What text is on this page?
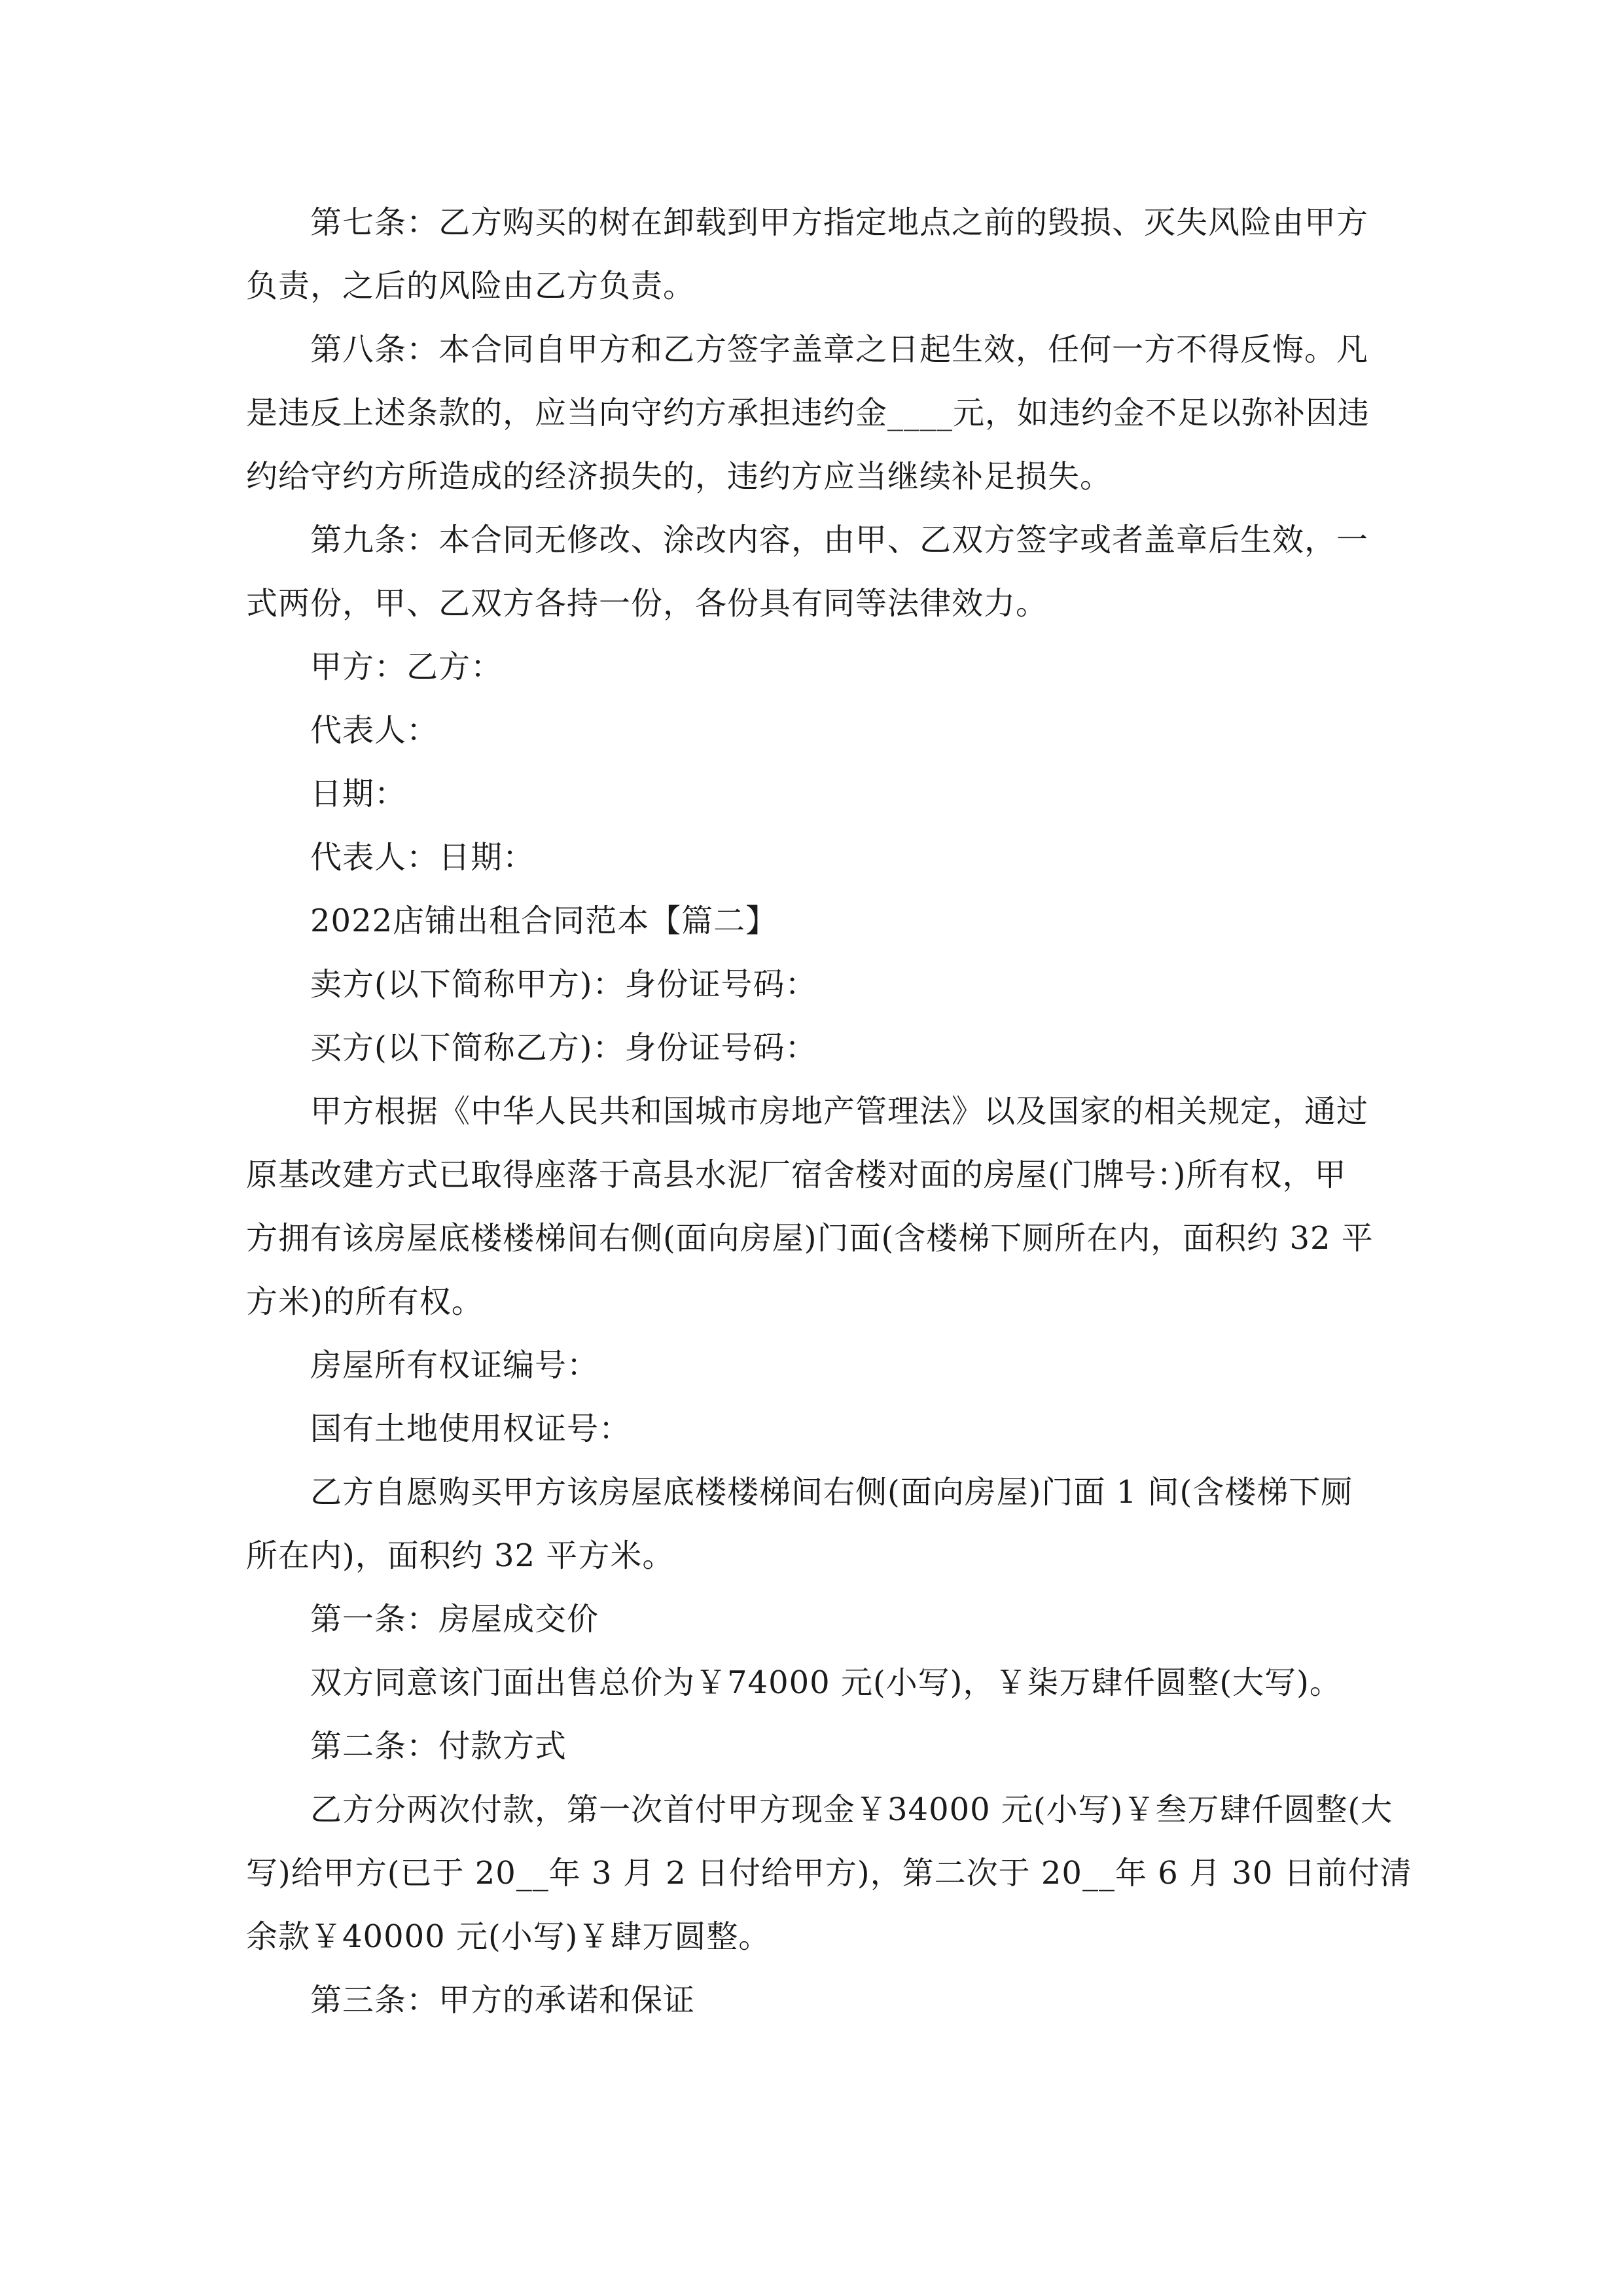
第七条：乙方购买的树在卸载到甲方指定地点之前的毁损、灭失风险由甲方
负责，之后的风险由乙方负责。
第八条：本合同自甲方和乙方签字盖章之日起生效，任何一方不得反悔。凡
是违反上述条款的，应当向守约方承担违约金____元，如违约金不足以弥补因违
约给守约方所造成的经济损失的，违约方应当继续补足损失。
第九条：本合同无修改、涂改内容，由甲、乙双方签字或者盖章后生效，一
式两份，甲、乙双方各持一份，各份具有同等法律效力。
甲方：乙方：
代表人：
日期：
代表人：日期：
2022店铺出租合同范本【篇二】
卖方(以下简称甲方)：身份证号码：
买方(以下简称乙方)：身份证号码：
甲方根据《中华人民共和国城市房地产管理法》以及国家的相关规定，通过
原基改建方式已取得座落于高县水泥厂宿舍楼对面的房屋(门牌号：)所有权，甲
方拥有该房屋底楼楼梯间右侧(面向房屋)门面(含楼梯下厕所在内，面积约 32 平
方米)的所有权。
房屋所有权证编号：
国有土地使用权证号：
乙方自愿购买甲方该房屋底楼楼梯间右侧(面向房屋)门面 1 间(含楼梯下厕
所在内)，面积约 32 平方米。
第一条：房屋成交价
双方同意该门面出售总价为￥74000 元(小写)，￥柒万肆仟圆整(大写)。
第二条：付款方式
乙方分两次付款，第一次首付甲方现金￥34000 元(小写)￥叁万肆仟圆整(大
写)给甲方(已于 20__年 3 月 2 日付给甲方)，第二次于 20__年 6 月 30 日前付清
余款￥40000 元(小写)￥肆万圆整。
第三条：甲方的承诺和保证
